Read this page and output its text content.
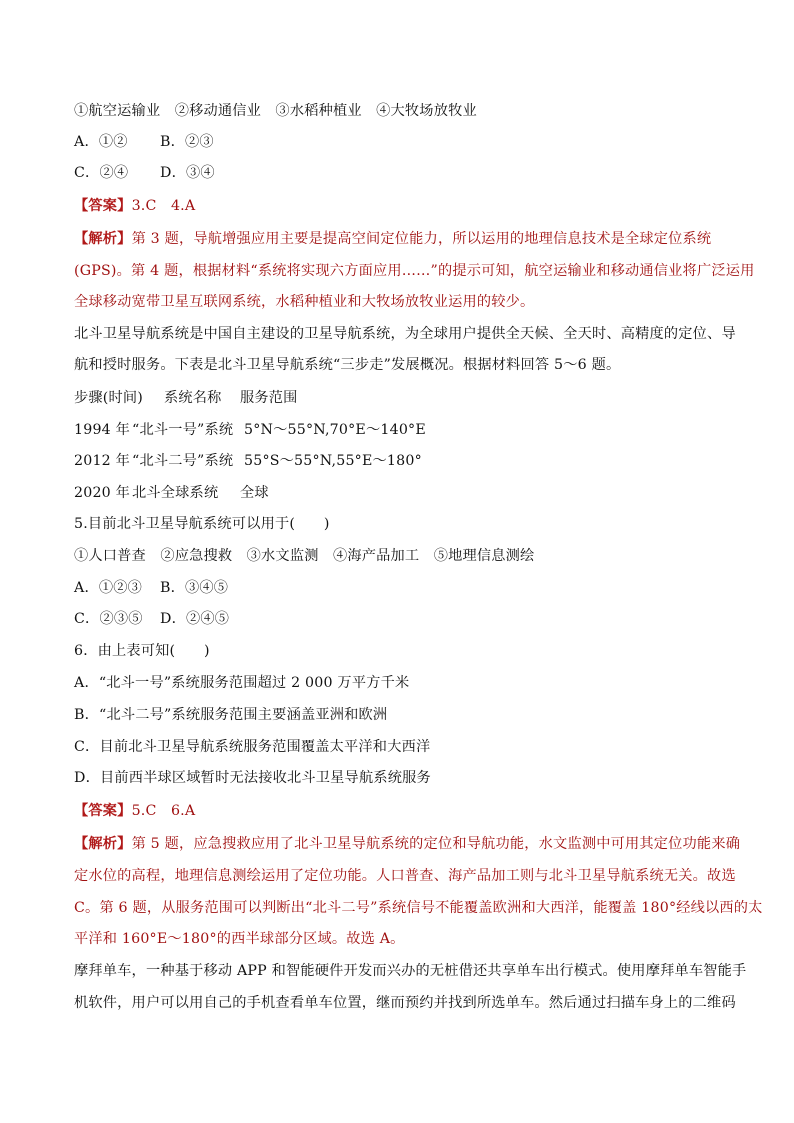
①航空运输业　②移动通信业　③水稻种植业　④大牧场放牧业
A．①② B．②③
C．②④ D．③④
【答案】3.C　4.A
【解析】第 3 题，导航增强应用主要是提高空间定位能力，所以运用的地理信息技术是全球定位系统
(GPS)。第 4 题，根据材料“系统将实现六方面应用……”的提示可知，航空运输业和移动通信业将广泛运用
全球移动宽带卫星互联网系统，水稻种植业和大牧场放牧业运用的较少。
北斗卫星导航系统是中国自主建设的卫星导航系统，为全球用户提供全天候、全天时、高精度的定位、导
航和授时服务。下表是北斗卫星导航系统“三步走”发展概况。根据材料回答 5～6 题。
步骤(时间) 系统名称 服务范围
1994 年 “北斗一号”系统 5°N～55°N,70°E～140°E
2012 年 “北斗二号”系统 55°S～55°N,55°E～180°
2020 年 北斗全球系统 全球
5.目前北斗卫星导航系统可以用于(　　)
①人口普查　②应急搜救　③水文监测　④海产品加工　⑤地理信息测绘
A．①②③ B．③④⑤
C．②③⑤ D．②④⑤
6．由上表可知(　　)
A．“北斗一号”系统服务范围超过 2 000 万平方千米
B．“北斗二号”系统服务范围主要涵盖亚洲和欧洲
C．目前北斗卫星导航系统服务范围覆盖太平洋和大西洋
D．目前西半球区域暂时无法接收北斗卫星导航系统服务
【答案】5.C　6.A
【解析】第 5 题，应急搜救应用了北斗卫星导航系统的定位和导航功能，水文监测中可用其定位功能来确
定水位的高程，地理信息测绘运用了定位功能。人口普查、海产品加工则与北斗卫星导航系统无关。故选
C。第 6 题，从服务范围可以判断出“北斗二号”系统信号不能覆盖欧洲和大西洋，能覆盖 180°经线以西的太
平洋和 160°E～180°的西半球部分区域。故选 A。
摩拜单车，一种基于移动 APP 和智能硬件开发而兴办的无桩借还共享单车出行模式。使用摩拜单车智能手
机软件，用户可以用自己的手机查看单车位置，继而预约并找到所选单车。然后通过扫描车身上的二维码
